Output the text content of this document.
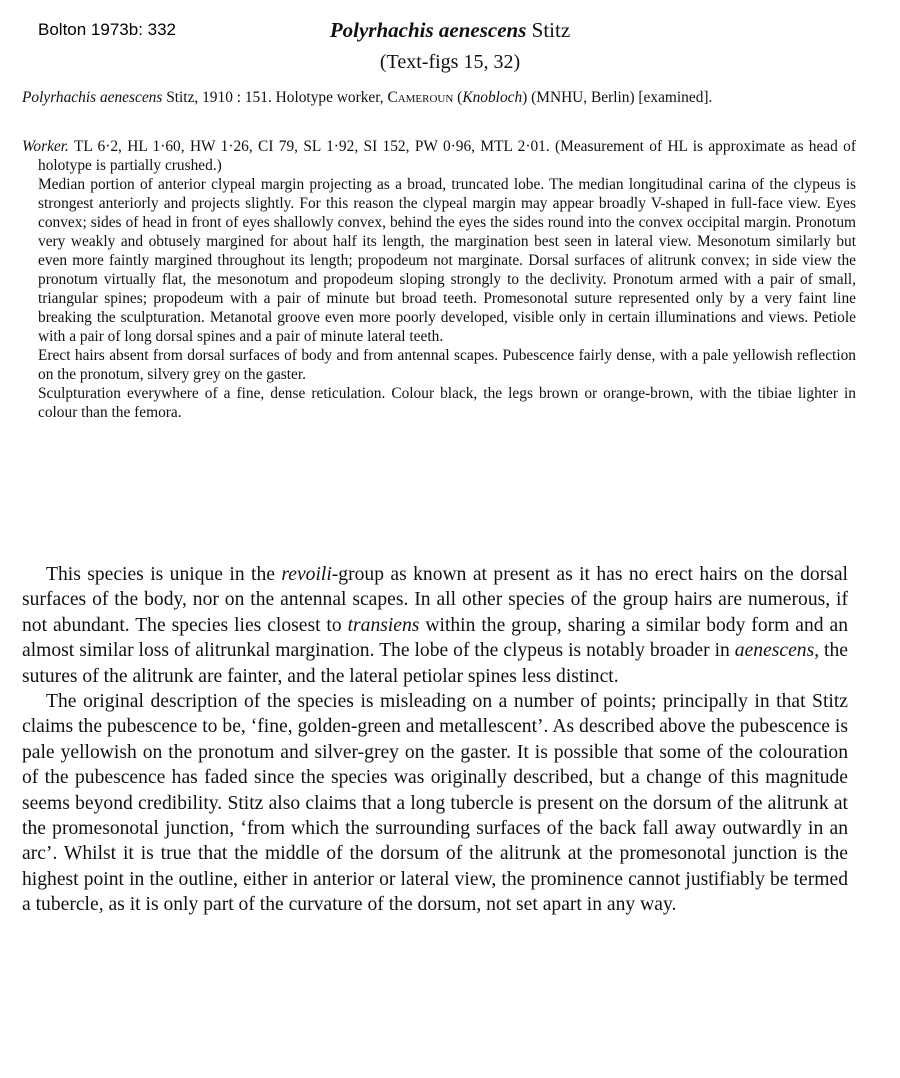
Bolton 1973b: 332	Polyrhachis aenescens Stitz
(Text-figs 15, 32)

Polyrhachis aenescens Stitz, 1910 : 151. Holotype worker, Cameroun (Knobloch) (MNHU, Berlin) [examined].

Worker. TL 6·2, HL 1·60, HW 1·26, CI 79, SL 1·92, SI 152, PW 0·96, MTL 2·01. (Measurement of HL is approximate as head of holotype is partially crushed.)

Median portion of anterior clypeal margin projecting as a broad, truncated lobe. The median longitudinal carina of the clypeus is strongest anteriorly and projects slightly. For this reason the clypeal margin may appear broadly V-shaped in full-face view. Eyes convex; sides of head in front of eyes shallowly convex, behind the eyes the sides round into the convex occipital margin. Pronotum very weakly and obtusely margined for about half its length, the margination best seen in lateral view. Mesonotum similarly but even more faintly margined throughout its length; propodeum not marginate. Dorsal surfaces of alitrunk convex; in side view the pronotum virtually flat, the mesonotum and propodeum sloping strongly to the declivity. Pronotum armed with a pair of small, triangular spines; propodeum with a pair of minute but broad teeth. Promesonotal suture represented only by a very faint line breaking the sculpturation. Metanotal groove even more poorly developed, visible only in certain illuminations and views. Petiole with a pair of long dorsal spines and a pair of minute lateral teeth.

Erect hairs absent from dorsal surfaces of body and from antennal scapes. Pubescence fairly dense, with a pale yellowish reflection on the pronotum, silvery grey on the gaster.

Sculpturation everywhere of a fine, dense reticulation. Colour black, the legs brown or orange-brown, with the tibiae lighter in colour than the femora.

This species is unique in the revoili-group as known at present as it has no erect hairs on the dorsal surfaces of the body, nor on the antennal scapes. In all other species of the group hairs are numerous, if not abundant. The species lies closest to transiens within the group, sharing a similar body form and an almost similar loss of alitrunkal margination. The lobe of the clypeus is notably broader in aenescens, the sutures of the alitrunk are fainter, and the lateral petiolar spines less distinct.

The original description of the species is misleading on a number of points; principally in that Stitz claims the pubescence to be, ‘fine, golden-green and metallescent’. As described above the pubescence is pale yellowish on the pronotum and silver-grey on the gaster. It is possible that some of the colouration of the pubescence has faded since the species was originally described, but a change of this magnitude seems beyond credibility. Stitz also claims that a long tubercle is present on the dorsum of the alitrunk at the promesonotal junction, ‘from which the surrounding surfaces of the back fall away outwardly in an arc’. Whilst it is true that the middle of the dorsum of the alitrunk at the promesonotal junction is the highest point in the outline, either in anterior or lateral view, the prominence cannot justifiably be termed a tubercle, as it is only part of the curvature of the dorsum, not set apart in any way.
